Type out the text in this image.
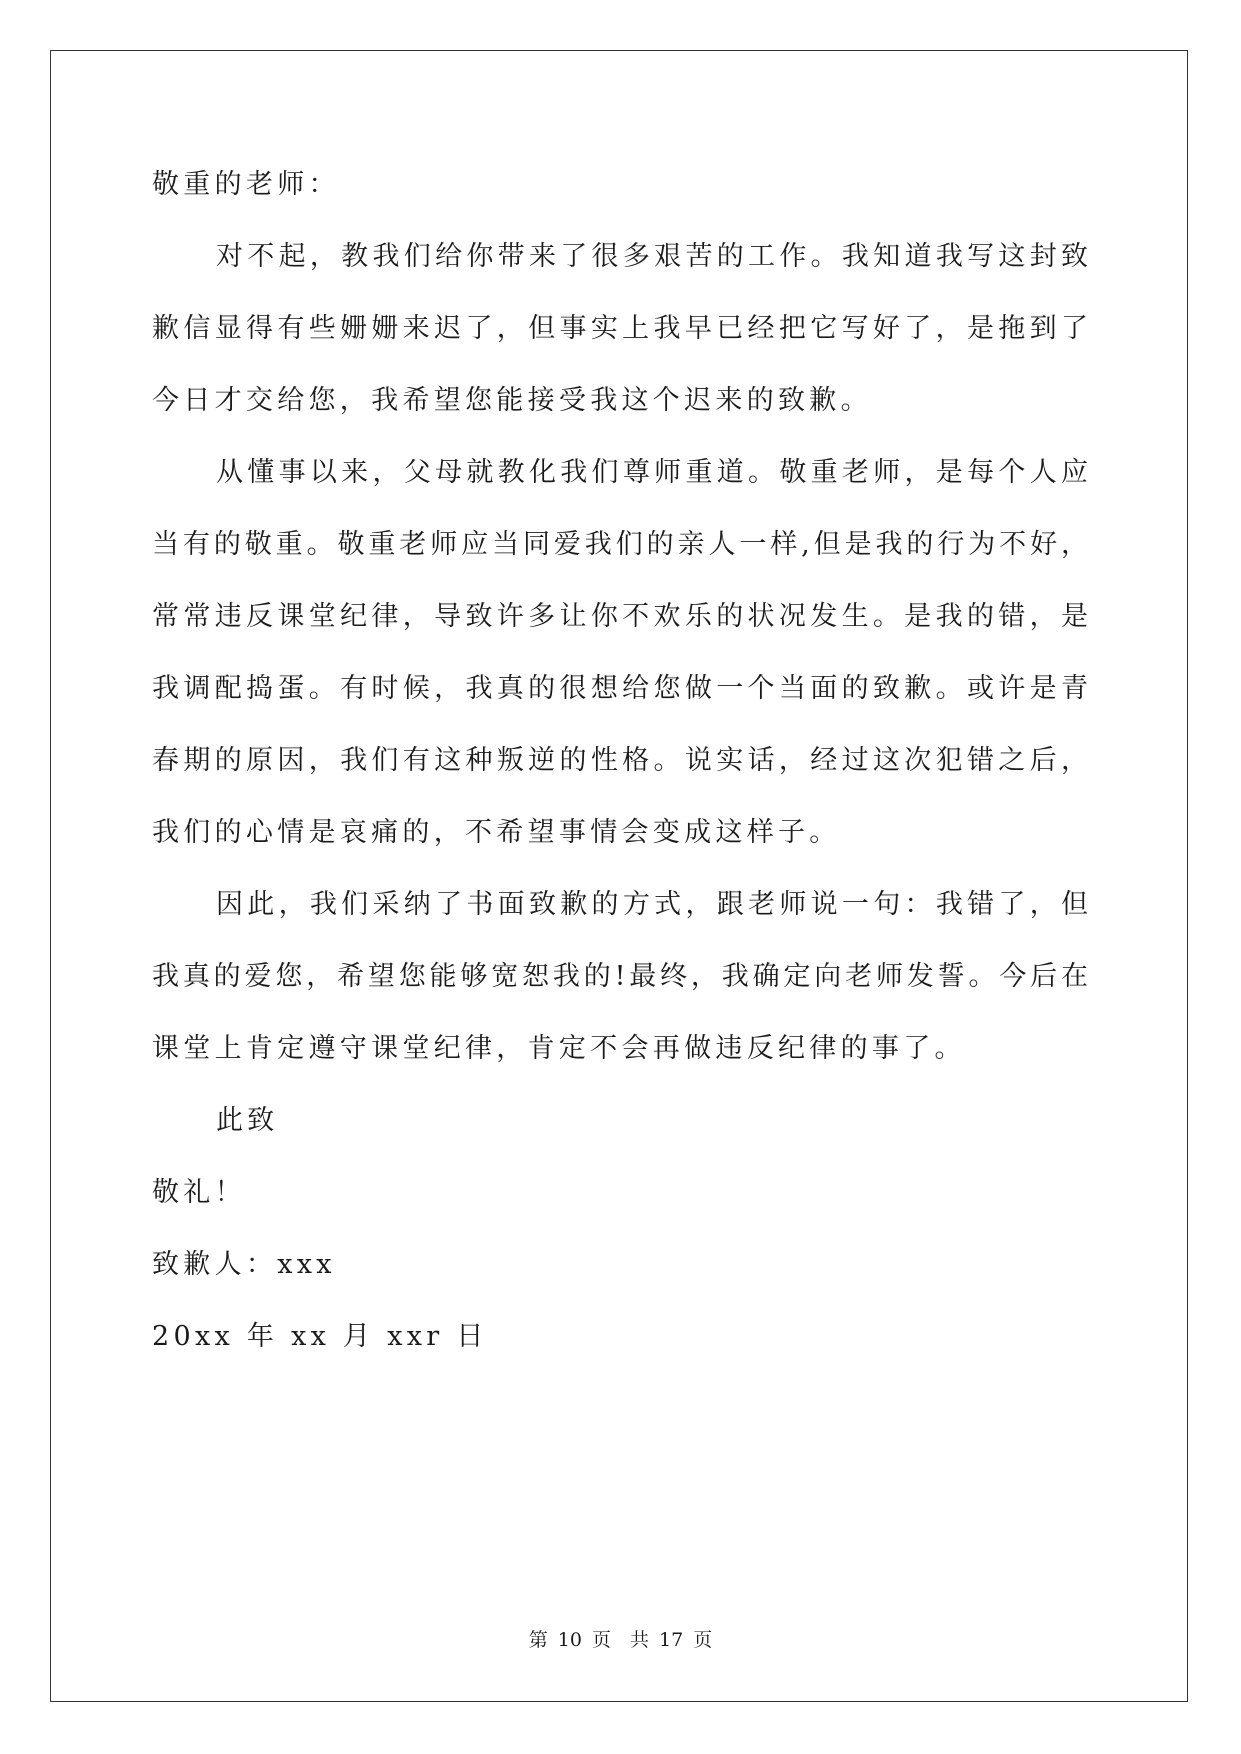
敬重的老师：
对不起，教我们给你带来了很多艰苦的工作。我知道我写这封致
歉信显得有些姗姗来迟了，但事实上我早已经把它写好了，是拖到了
今日才交给您，我希望您能接受我这个迟来的致歉。
从懂事以来，父母就教化我们尊师重道。敬重老师，是每个人应
当有的敬重。敬重老师应当同爱我们的亲人一样,但是我的行为不好，
常常违反课堂纪律，导致许多让你不欢乐的状况发生。是我的错，是
我调配捣蛋。有时候，我真的很想给您做一个当面的致歉。或许是青
春期的原因，我们有这种叛逆的性格。说实话，经过这次犯错之后，
我们的心情是哀痛的，不希望事情会变成这样子。
因此，我们采纳了书面致歉的方式，跟老师说一句：我错了，但
我真的爱您，希望您能够宽恕我的!最终，我确定向老师发誓。今后在
课堂上肯定遵守课堂纪律，肯定不会再做违反纪律的事了。
此致
敬礼！
致歉人：xxx
20xx 年 xx 月 xxr 日
第 10 页　共 17 页
